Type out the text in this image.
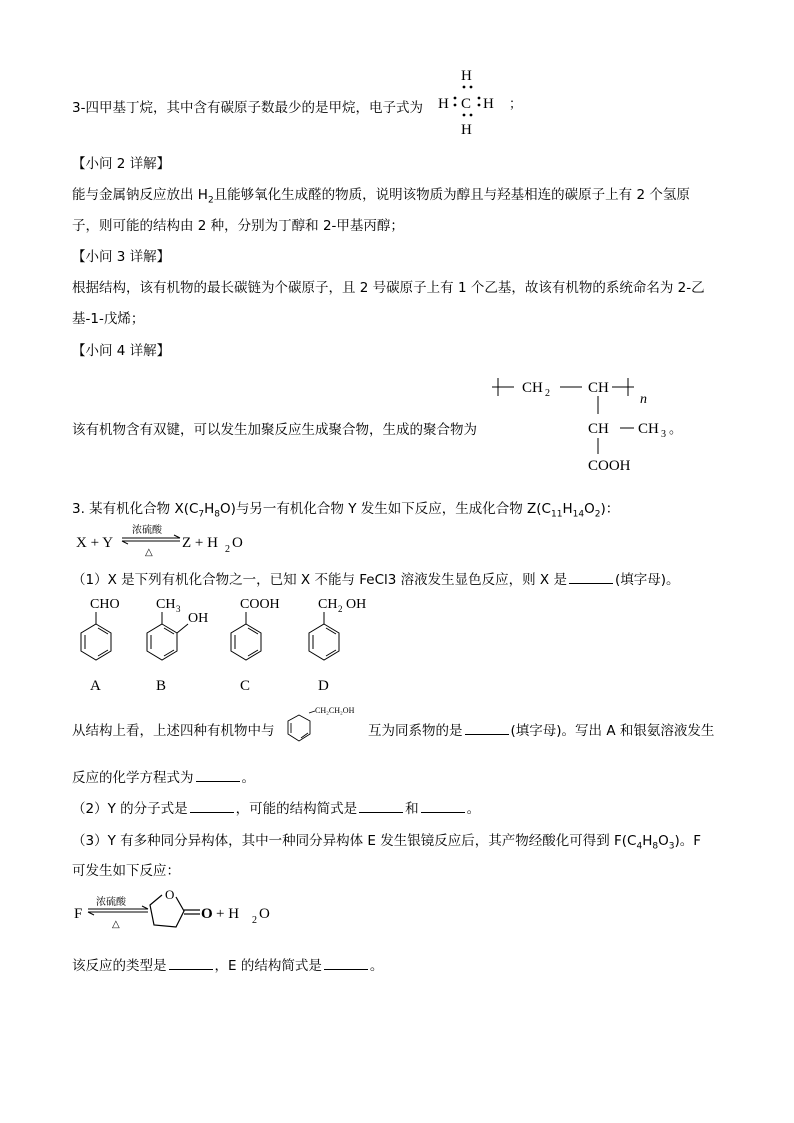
3-四甲基丁烷，其中含有碳原子数最少的是甲烷，电子式为
H
H C H
H
；
【小问 2 详解】
能与金属钠反应放出 $H_2$且能够氧化生成醛的物质，说明该物质为醇且与羟基相连的碳原子上有 2 个氢原
子，则可能的结构由 2 种，分别为丁醇和 2-甲基丙醇；
【小问 3 详解】
根据结构，该有机物的最长碳链为个碳原子，且 2 号碳原子上有 1 个乙基，故该有机物的系统命名为 2-乙
基-1-戊烯；
【小问 4 详解】
该有机物含有双键，可以发生加聚反应生成聚合物，生成的聚合物为
CH 2	CH
n
CH CH 3 。
COOH
3. 某有机化合物 $X(C_7H_8O)$与另一有机化合物 Y 发生如下反应，生成化合物 $Z(C_{11}H_{14}O_2)$：
X + Y
浓硫酸
△
Z + H 2 O
（1）X 是下列有机化合物之一，已知 X 不能与 FeCl3 溶液发生显色反应，则 X 是	(填字母)。
CHO
A
CH 3
OH
B
COOH
C
CH 2 OH
D
从结构上看，上述四种有机物中与
CH₂CH₂OH
互为同系物的是	(填字母)。写出 A 和银氨溶液发生
反应的化学方程式为	。
（2）Y 的分子式是	，可能的结构简式是	和	。
（3）Y 有多种同分异构体，其中一种同分异构体 E 发生银镜反应后，其产物经酸化可得到 $F(C_4H_8O_3)$。F
可发生如下反应：
F
浓硫酸
△
O
O + H 2 O
该反应的类型是	，E 的结构简式是	。
